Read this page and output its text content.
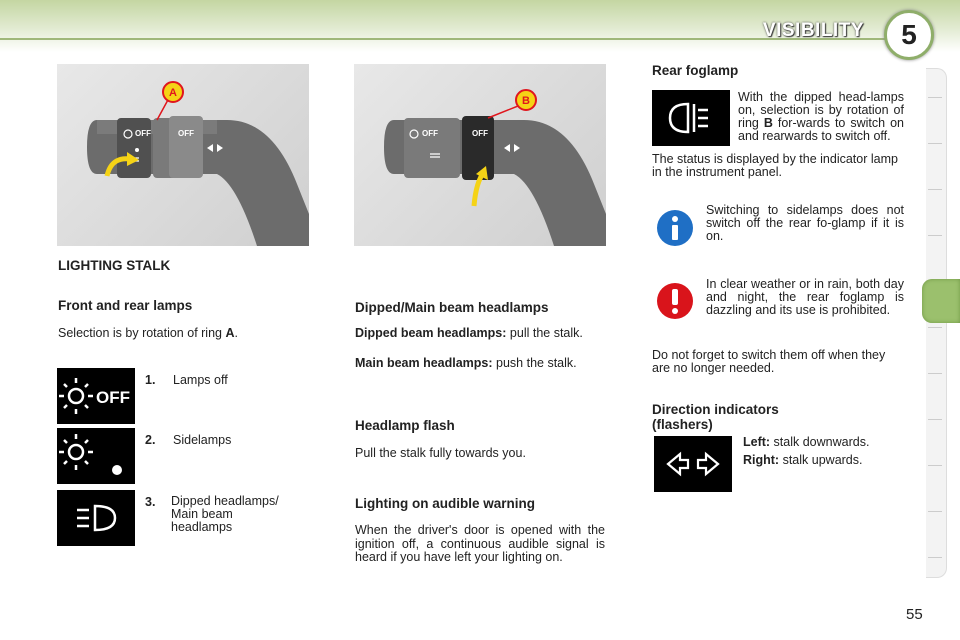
VISIBILITY 5
OFF	OFF
A
OFF	OFF
B
LIGHTING STALK
Front and rear lamps
Selection is by rotation of ring A.
OFF
1. Lamps off
2. Sidelamps
3. Dipped headlamps/
Main beam
headlamps
Dipped/Main beam headlamps
Dipped beam headlamps: pull the stalk.
Main beam headlamps: push the stalk.
Headlamp flash
Pull the stalk fully towards you.
Lighting on audible warning
When the driver's door is opened with the ignition off, a continuous audible signal is heard if you have left your lighting on.
Rear foglamp
With the dipped head-lamps on, selection is by rotation of ring B for-wards to switch on and rearwards to switch off.
The status is displayed by the indicator lamp in the instrument panel.
Switching to sidelamps does not switch off the rear fo-glamp if it is on.
In clear weather or in rain, both day and night, the rear foglamp is dazzling and its use is prohibited.
Do not forget to switch them off when they are no longer needed.
Direction indicators
(flashers)
Left: stalk downwards.
Right: stalk upwards.
55
